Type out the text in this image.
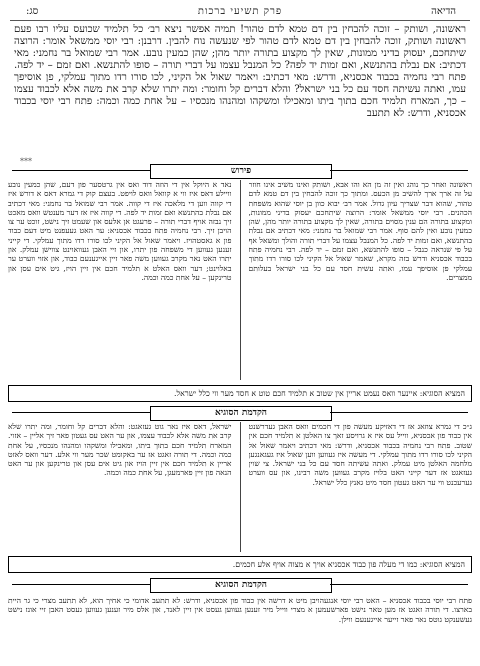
הדיאה
פרק תשיעי ברכות
סג:
ראשונה, ושותק – זוכה להבחין בין דם טמא לדם טהור! תמיה אפשר ניצא רב׳ כל תלמיד שכועס עליו רבו פעם ראשונה ושותק, זוכה להבחין בין דם טמא לדם טהור לפי שנעשה נוח להבין. דרבנן: רבי יוסי ממשאל אומר: הרוצה שיתחכם, יעסוק בדיני ממונות, שאין לך מקצוע בתורה יותר מהן; שהן כמעין נובע. אמר רבי שמואל בר נחמני: מאי דכתיב: אם נבלת בהתנשא, ואם זמות יד לפה? כל המנבל עצמו על דברי תורה – סופו להתנשא. ואם זמם – יד לפה. פתח רבי נחמיה בכבוד אכסניא, ודרש: מאי דכתיב: ויאמר שאול אל הקיני, לכו סורו רדו מתוך עמלקי, פן אוסיפך עמו, ואתה עשיתה חסד עם כל בני ישראל? והלא דברים קל וחומר: ומה יתרו שלא קרב את משה אלא לכבוד עצמו – כך, המארח תלמיד חכם בתוך ביתו ומאכילו ומשקהו ומהנהו מנכסיו – על אחת כמה וכמה: פתח רבי יוסי בכבוד אכסניא, ודרש: לא תתעב
***
פירוש
ראשונה ואחר כך נוהג ואין זה מן הא והו אבא, ושותק ואינו משיב אינו חוזר על זה ארך ארך להשיב מן הכעס. ומתוך כך זוכה להבחין בין דם טמא לדם טהור, שהוא דבר שצריך עיון גדול. אמר רב׳ יבוא כוון בן יוסי שהוא משפחת הכהנים. רבי יוסי ממשאל אומר: הרוצה שיתחכם יעסוק בדיני ממונות, ומקצוע בתורה הם ענין מסוים בתורה, שאין לך מקצוע בתורה יותר מהן, שהן כמעין נובע ואין להם סוף. אמר רבי שמואל בר נחמני: מאי דכתיב אם נבלת בהתנשא, ואם זמות יד לפה. כל המנבל עצמו על דברי תורה והולך ומשאל אף על פי שנראה כנבל – סופו להתנשא, ואם זמם – יד לפה. רבי נחמיה פתח בכבוד אכסניא ודרש בזה מקרא, שאמר שאול אל הקיני לכו סורו רדו מתוך עמלקי פן אוסיפך עמו, ואתה עשית חסד עם כל בני ישראל בעלותם ממצרים.
נאד א היוקל אין די הוזה דוד ואס אין גרטסער פון דעם, שהן כמעין נובע וויילע דאס איז ווי א קוואל וואס לויפט. בעצם קוק די גמרא דאס א דורש איז די קווה ווען די מלאכה איז די קווה. אמר רבי שמואל בר נחמני: מאי דכתיב אם נבלת בהתנשא ואם זמות יד לפה. די קווה איז אז דער מענטש וואס מאכט זיך נבזה אויף דברי תורה – פרעגט אן אלעס און שעמט זיך נישט, זוכט ער צו הויבן זיך. רבי נחמיה פתח בכבוד אכסניא: ער האט געעפנט מיט דעם כבוד פון א גאסטהויז. ויאמר שאול אל הקיני לכו סורו רדו מתוך עמלקי. די קייני זענען געווען די משפחה פון יתרו, און זיי האבן געוואוינט צווישן עמלק. און יתרו האט נאר מקרב געווען משה פאר זיין אייגענעם כבוד, און אזוי ווערט ער באלוינט; דער וואס האלט א תלמיד חכם אין זיין הויז, גיט אים עסן און טרינקען – על אחת כמה וכמה.
המציא הסוגיא: איינער וואס נעמט אריין אין שטוב א תלמיד חכם טוט א חסד מער ווי כלל ישראל.
הקדמת הסוגיא
ג״כ די גמרא צוזאג אז די דאזיקע מעשה פון די חכמים וואס האבן געדרשנט אין כבוד פון אכסניא, ווייל עס איז א גרויסע זאך צו האלטן א תלמיד חכם אין שטוב. פתח רבי נחמיה בכבוד אכסניא, ודרש: מאי דכתיב ויאמר שאול אל הקיני לכו סורו רדו מתוך עמלקי. די מעשה איז געווען ווען שאול איז געגאנגען מלחמה האלטן מיט עמלק. ואתה עשיתה חסד עם כל בני ישראל. צי שוין געזאגט אז דער קייני האט בלויז מקרב געווען משה רבינו, און עס ווערט גערעכנט ווי ער האט געטון חסד מיט גאנץ כלל ישראל.
ישראל, דאס איז נאר גוט געזאגט: והלא דברים קל וחומר, ומה יתרו שלא קרב את משה אלא לכבוד עצמו, און ער האט עס געטון פאר זיך אליין – אזוי. המארח תלמיד חכם בתוך ביתו, ומאכילו ומשקהו ומהנהו מנכסיו, על אחת כמה וכמה. די תורה זאגט אז ער באקומט שכר מער ווי אלע. דער וואס לאזט אריין א תלמיד חכם אין זיין הויז און גיט אים עסן און טרינקען און ער האט הנאה פון זיין פארמעגן, על אחת כמה וכמה.
המציא הסוגיא: כמו די מעלה פון כבוד אכסניא אויך א מצוה אויף אלע חכמים.
הקדמת הסוגיא
פתח רבי יוסי בכבוד אכסניא – האט רבי יוסי אנגעהויבן מיט א דרשה אין כבוד פון אכסניא, ודרש: לא תתעב אדומי כי אחיך הוא, לא תתעב מצרי כי גר היית בארצו. די תורה זאגט אז מען טאר נישט פארשעמען א מצרי ווייל מיר זענען געווען געסט אין זיין לאנד, און אלס מיר זענען געווען געסט האבן זיי אונז נישט געשענקט גוטס נאר פאר זייער אייגענעם ווילן.
